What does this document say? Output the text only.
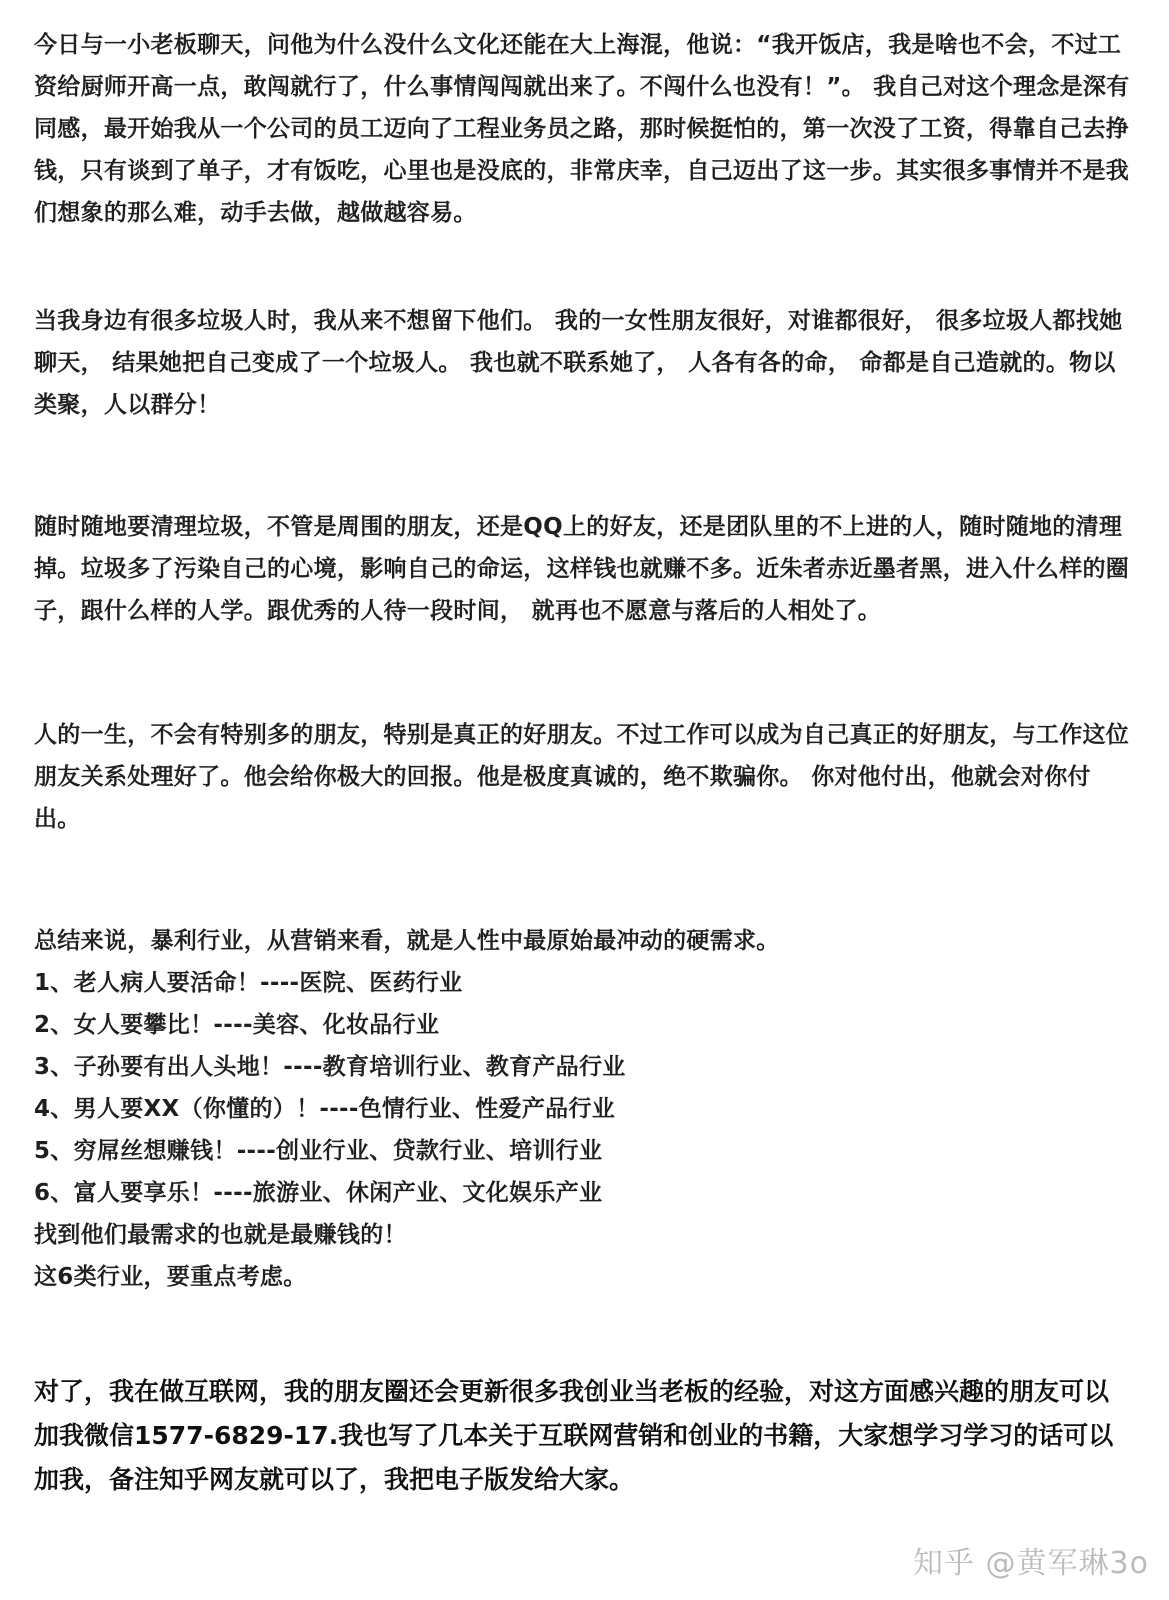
今日与一小老板聊天，问他为什么没什么文化还能在大上海混，他说：“我开饭店，我是啥也不会，不过工资给厨师开高一点，敢闯就行了，什么事情闯闯就出来了。不闯什么也没有！”。 我自己对这个理念是深有同感，最开始我从一个公司的员工迈向了工程业务员之路，那时候挺怕的，第一次没了工资，得靠自己去挣钱，只有谈到了单子，才有饭吃，心里也是没底的，非常庆幸，自己迈出了这一步。其实很多事情并不是我们想象的那么难，动手去做，越做越容易。

当我身边有很多垃圾人时，我从来不想留下他们。 我的一女性朋友很好，对谁都很好， 很多垃圾人都找她聊天， 结果她把自己变成了一个垃圾人。 我也就不联系她了， 人各有各的命， 命都是自己造就的。物以类聚，人以群分！

随时随地要清理垃圾，不管是周围的朋友，还是QQ上的好友，还是团队里的不上进的人，随时随地的清理掉。垃圾多了污染自己的心境，影响自己的命运，这样钱也就赚不多。近朱者赤近墨者黑，进入什么样的圈子，跟什么样的人学。跟优秀的人待一段时间， 就再也不愿意与落后的人相处了。

人的一生，不会有特别多的朋友，特别是真正的好朋友。不过工作可以成为自己真正的好朋友，与工作这位朋友关系处理好了。他会给你极大的回报。他是极度真诚的，绝不欺骗你。 你对他付出，他就会对你付出。

总结来说，暴利行业，从营销来看，就是人性中最原始最冲动的硬需求。

1、老人病人要活命！----医院、医药行业

2、女人要攀比！----美容、化妆品行业

3、子孙要有出人头地！----教育培训行业、教育产品行业

4、男人要XX（你懂的）！----色情行业、性爱产品行业

5、穷屌丝想赚钱！----创业行业、贷款行业、培训行业

6、富人要享乐！----旅游业、休闲产业、文化娱乐产业

找到他们最需求的也就是最赚钱的！

这6类行业，要重点考虑。

对了，我在做互联网，我的朋友圈还会更新很多我创业当老板的经验，对这方面感兴趣的朋友可以加我微信1577-6829-17.我也写了几本关于互联网营销和创业的书籍，大家想学习学习的话可以加我，备注知乎网友就可以了，我把电子版发给大家。

知乎 @黄军琳3o
